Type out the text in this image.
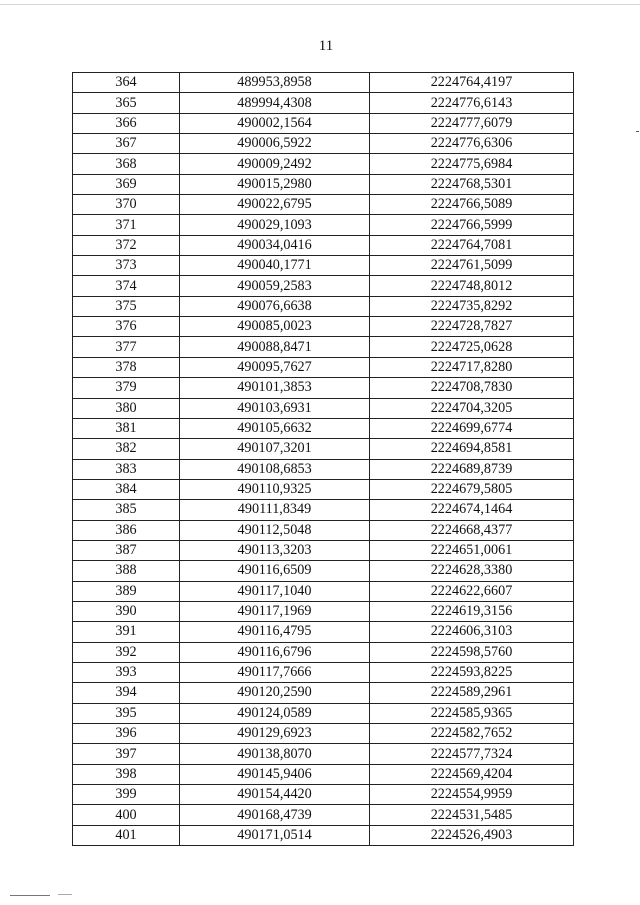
11
364	489953,8958	2224764,4197
365	489994,4308	2224776,6143
366	490002,1564	2224777,6079
367	490006,5922	2224776,6306
368	490009,2492	2224775,6984
369	490015,2980	2224768,5301
370	490022,6795	2224766,5089
371	490029,1093	2224766,5999
372	490034,0416	2224764,7081
373	490040,1771	2224761,5099
374	490059,2583	2224748,8012
375	490076,6638	2224735,8292
376	490085,0023	2224728,7827
377	490088,8471	2224725,0628
378	490095,7627	2224717,8280
379	490101,3853	2224708,7830
380	490103,6931	2224704,3205
381	490105,6632	2224699,6774
382	490107,3201	2224694,8581
383	490108,6853	2224689,8739
384	490110,9325	2224679,5805
385	490111,8349	2224674,1464
386	490112,5048	2224668,4377
387	490113,3203	2224651,0061
388	490116,6509	2224628,3380
389	490117,1040	2224622,6607
390	490117,1969	2224619,3156
391	490116,4795	2224606,3103
392	490116,6796	2224598,5760
393	490117,7666	2224593,8225
394	490120,2590	2224589,2961
395	490124,0589	2224585,9365
396	490129,6923	2224582,7652
397	490138,8070	2224577,7324
398	490145,9406	2224569,4204
399	490154,4420	2224554,9959
400	490168,4739	2224531,5485
401	490171,0514	2224526,4903
